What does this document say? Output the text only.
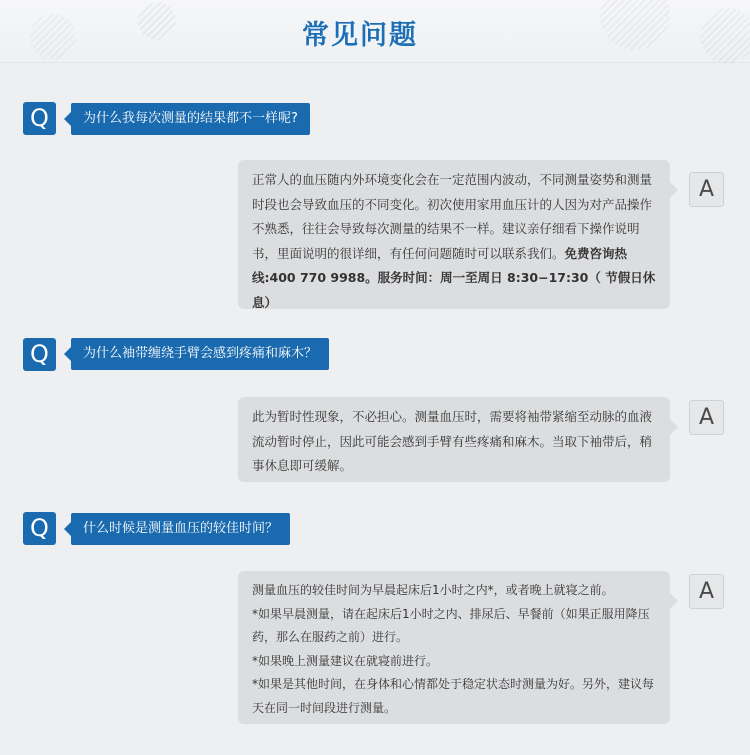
常见问题
Q	为什么我每次测量的结果都不一样呢?

正常人的血压随内外环境变化会在一定范围内波动，不同测量姿势和测量时段也会导致血压的不同变化。初次使用家用血压计的人因为对产品操作不熟悉，往往会导致每次测量的结果不一样。建议亲仔细看下操作说明书，里面说明的很详细，有任何问题随时可以联系我们。免费咨询热线:400 770 9988。服务时间：周一至周日 8:30−17:30（ 节假日休息）

A
Q	为什么袖带缠绕手臂会感到疼痛和麻木？

此为暂时性现象，不必担心。测量血压时，需要将袖带紧缩至动脉的血液流动暂时停止，因此可能会感到手臂有些疼痛和麻木。当取下袖带后，稍事休息即可缓解。

A
Q	什么时候是测量血压的较佳时间？

测量血压的较佳时间为早晨起床后1小时之内*，或者晚上就寝之前。

*如果早晨测量，请在起床后1小时之内、排尿后、早餐前（如果正服用降压药，那么在服药之前）进行。

*如果晚上测量建议在就寝前进行。

*如果是其他时间，在身体和心情都处于稳定状态时测量为好。另外，建议每天在同一时间段进行测量。

A
